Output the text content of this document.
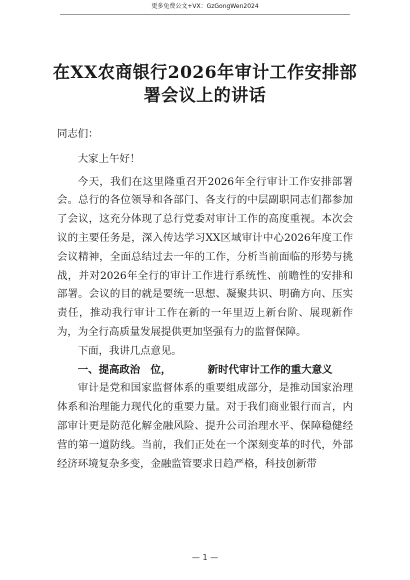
更多免费公文+VX：GzGongWen2024
在XX农商银行2026年审计工作安排部署会议上的讲话

同志们：

大家上午好！

今天，我们在这里隆重召开2026年全行审计工作安排部署会。总行的各位领导和各部门、各支行的中层副职同志们都参加了会议，这充分体现了总行党委对审计工作的高度重视。本次会议的主要任务是，深入传达学习XX区域审计中心2026年度工作会议精神，全面总结过去一年的工作，分析当前面临的形势与挑战，并对2026年全行的审计工作进行系统性、前瞻性的安排和部署。会议的目的就是要统一思想、凝聚共识、明确方向、压实责任，推动我行审计工作在新的一年里迈上新台阶、展现新作为，为全行高质量发展提供更加坚强有力的监督保障。

下面，我讲几点意见。

一、提高政治　位，　　　　新时代审计工作的重大意义

审计是党和国家监督体系的重要组成部分，是推动国家治理体系和治理能力现代化的重要力量。对于我们商业银行而言，内部审计更是防范化解金融风险、提升公司治理水平、保障稳健经营的第一道防线。当前，我们正处在一个深刻变革的时代，外部经济环境复杂多变，金融监管要求日趋严格，科技创新带

— 1 —
